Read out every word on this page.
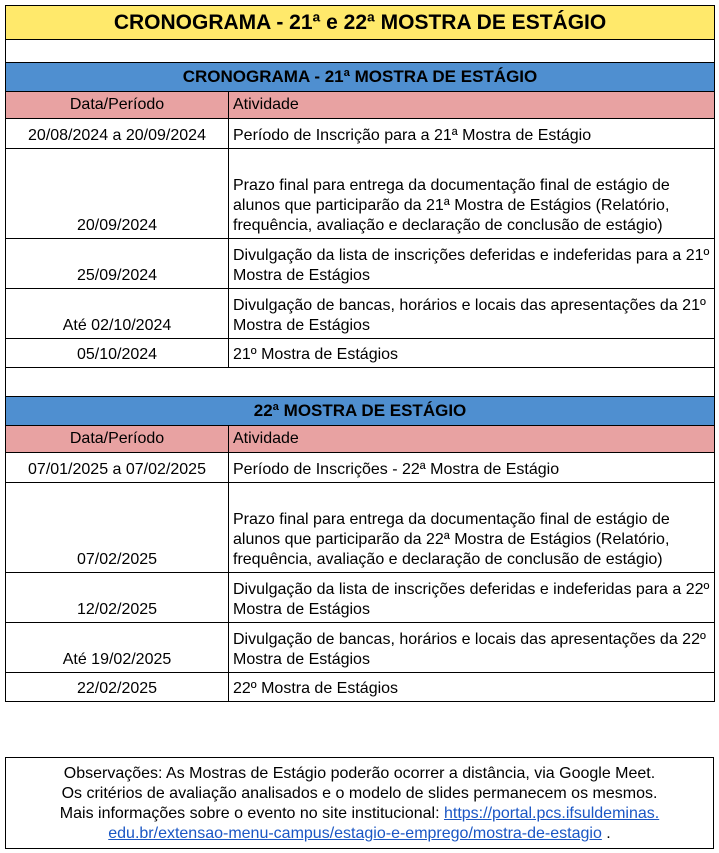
CRONOGRAMA - 21ª e 22ª MOSTRA DE ESTÁGIO	

CRONOGRAMA - 21ª MOSTRA DE ESTÁGIO	
Data/Período	Atividade
20/08/2024 a 20/09/2024	Período de Inscrição para a 21ª Mostra de Estágio
20/09/2024	Prazo final para entrega da documentação final de estágio de alunos que participarão da 21ª Mostra de Estágios (Relatório, frequência, avaliação e declaração de conclusão de estágio)
25/09/2024	Divulgação da lista de inscrições deferidas e indeferidas para a 21º Mostra de Estágios
Até 02/10/2024	Divulgação de bancas, horários e locais das apresentações da 21º Mostra de Estágios
05/10/2024	21º Mostra de Estágios

22ª MOSTRA DE ESTÁGIO	
Data/Período	Atividade
07/01/2025 a 07/02/2025	Período de Inscrições - 22ª Mostra de Estágio
07/02/2025	Prazo final para entrega da documentação final de estágio de alunos que participarão da 22ª Mostra de Estágios (Relatório, frequência, avaliação e declaração de conclusão de estágio)
12/02/2025	Divulgação da lista de inscrições deferidas e indeferidas para a 22º Mostra de Estágios
Até 19/02/2025	Divulgação de bancas, horários e locais das apresentações da 22º Mostra de Estágios
22/02/2025	22º Mostra de Estágios
Observações: As Mostras de Estágio poderão ocorrer a distância, via Google Meet.
Os critérios de avaliação analisados e o modelo de slides permanecem os mesmos.
Mais informações sobre o evento no site institucional: https://portal.pcs.ifsuldeminas.
edu.br/extensao-menu-campus/estagio-e-emprego/mostra-de-estagio .
